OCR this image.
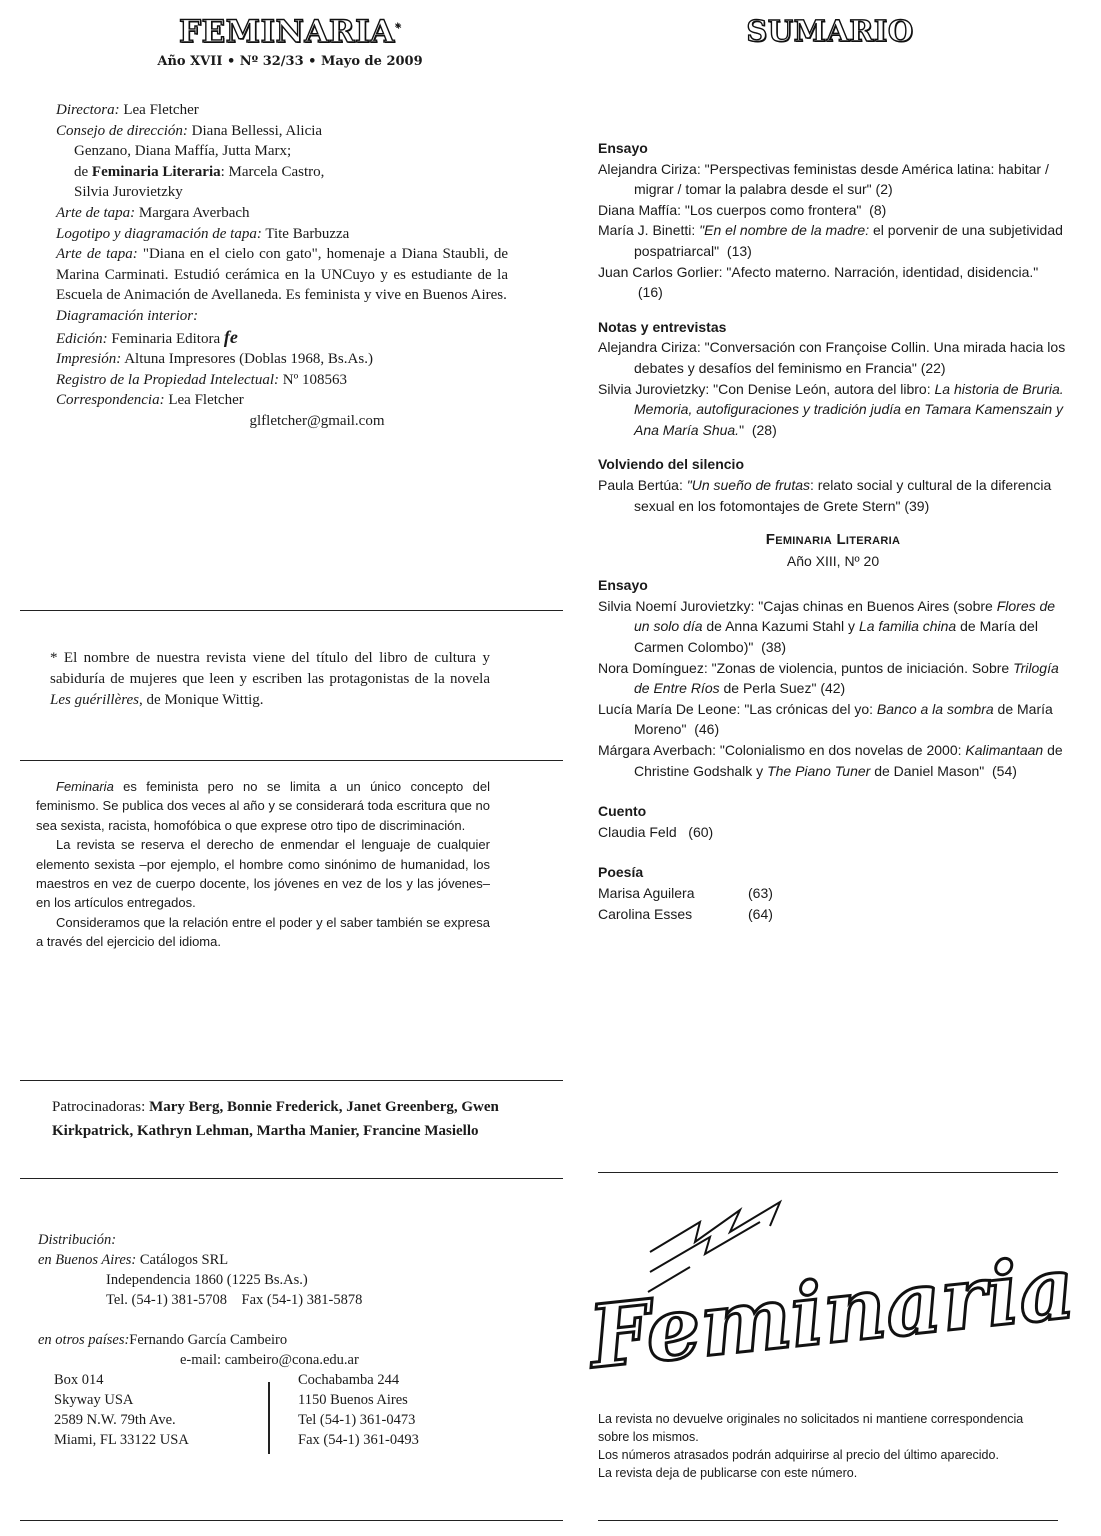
FEMINARIA*
Año XVII • Nº 32/33 • Mayo de 2009
Directora: Lea Fletcher
Consejo de dirección: Diana Bellessi, Alicia
Genzano, Diana Maffía, Jutta Marx;
de Feminaria Literaria: Marcela Castro,
Silvia Jurovietzky
Arte de tapa: Margara Averbach
Logotipo y diagramación de tapa: Tite Barbuzza
Arte de tapa: "Diana en el cielo con gato", homenaje a Diana Staubli, de Marina Carminati. Estudió cerámica en la UNCuyo y es estudiante de la Escuela de Animación de Avellaneda. Es feminista y vive en Buenos Aires.
Diagramación interior:
Edición: Feminaria Editora fe
Impresión: Altuna Impresores (Doblas 1968, Bs.As.)
Registro de la Propiedad Intelectual: Nº 108563
Correspondencia: Lea Fletcher
glfletcher@gmail.com
* El nombre de nuestra revista viene del título del libro de cultura y sabiduría de mujeres que leen y escriben las protagonistas de la novela Les guérillères, de Monique Wittig.

Feminaria es feminista pero no se limita a un único concepto del feminismo. Se publica dos veces al año y se considerará toda escritura que no sea sexista, racista, homofóbica o que exprese otro tipo de discriminación.

La revista se reserva el derecho de enmendar el lenguaje de cualquier elemento sexista –por ejemplo, el hombre como sinónimo de humanidad, los maestros en vez de cuerpo docente, los jóvenes en vez de los y las jóvenes– en los artículos entregados.

Consideramos que la relación entre el poder y el saber también se expresa a través del ejercicio del idioma.

Patrocinadoras: Mary Berg, Bonnie Frederick, Janet Greenberg, Gwen Kirkpatrick, Kathryn Lehman, Martha Manier, Francine Masiello
Distribución:
en Buenos Aires: Catálogos SRL
Independencia 1860 (1225 Bs.As.)
Tel. (54-1) 381-5708 Fax (54-1) 381-5878
en otros países:Fernando García Cambeiro
e-mail: cambeiro@cona.edu.ar
Box 014
Skyway USA
2589 N.W. 79th Ave.
Miami, FL 33122 USA
Cochabamba 244
1150 Buenos Aires
Tel (54-1) 361-0473
Fax (54-1) 361-0493
SUMARIO
Ensayo
Alejandra Ciriza: "Perspectivas feministas desde América latina: habitar / migrar / tomar la palabra desde el sur" (2)
Diana Maffía: "Los cuerpos como frontera" (8)
María J. Binetti: "En el nombre de la madre: el porvenir de una subjetividad pospatriarcal" (13)
Juan Carlos Gorlier: "Afecto materno. Narración, identidad, disidencia."  (16)
Notas y entrevistas
Alejandra Ciriza: "Conversación con Françoise Collin. Una mirada hacia los debates y desafíos del feminismo en Francia" (22)
Silvia Jurovietzky: "Con Denise León, autora del libro: La historia de Bruria. Memoria, autofiguraciones y tradición judía en Tamara Kamenszain y Ana María Shua." (28)
Volviendo del silencio
Paula Bertúa: "Un sueño de frutas: relato social y cultural de la diferencia sexual en los fotomontajes de Grete Stern" (39)
Feminaria Literaria
Año XIII, Nº 20
Ensayo
Silvia Noemí Jurovietzky: "Cajas chinas en Buenos Aires (sobre Flores de un solo día de Anna Kazumi Stahl y La familia china de María del Carmen Colombo)" (38)
Nora Domínguez: "Zonas de violencia, puntos de iniciación. Sobre Trilogía de Entre Ríos de Perla Suez" (42)
Lucía María De Leone: "Las crónicas del yo: Banco a la sombra de María Moreno" (46)
Márgara Averbach: "Colonialismo en dos novelas de 2000: Kalimantaan de Christine Godshalk y The Piano Tuner de Daniel Mason" (54)
Cuento
Claudia Feld (60)
Poesía
Marisa Aguilera	(63)
Carolina Esses	(64)
Feminaria

La revista no devuelve originales no solicitados ni mantiene correspondencia sobre los mismos.

Los números atrasados podrán adquirirse al precio del último aparecido.

La revista deja de publicarse con este número.
